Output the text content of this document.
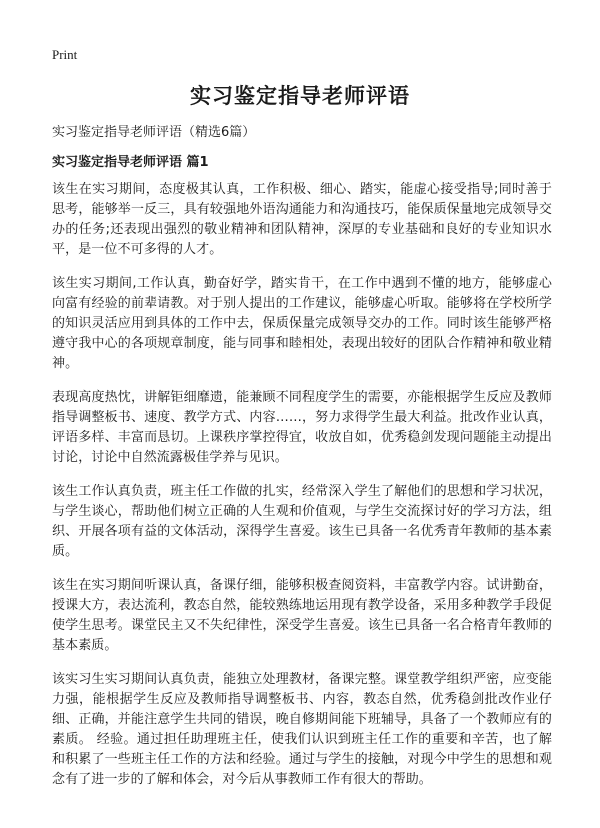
Print
实习鉴定指导老师评语

实习鉴定指导老师评语（精选6篇）

实习鉴定指导老师评语 篇1

该生在实习期间，态度极其认真，工作积极、细心、踏实，能虚心接受指导;同时善于思考，能够举一反三，具有较强地外语沟通能力和沟通技巧，能保质保量地完成领导交办的任务;还表现出强烈的敬业精神和团队精神，深厚的专业基础和良好的专业知识水平，是一位不可多得的人才。

该生实习期间,工作认真，勤奋好学，踏实肯干，在工作中遇到不懂的地方，能够虚心向富有经验的前辈请教。对于别人提出的工作建议，能够虚心听取。能够将在学校所学的知识灵活应用到具体的工作中去，保质保量完成领导交办的工作。同时该生能够严格遵守我中心的各项规章制度，能与同事和睦相处，表现出较好的团队合作精神和敬业精神。

表现高度热忱，讲解钜细靡遗，能兼顾不同程度学生的需要，亦能根据学生反应及教师指导调整板书、速度、教学方式、内容……，努力求得学生最大利益。批改作业认真，评语多样、丰富而恳切。上课秩序掌控得宜，收放自如，优秀稳剑发现问题能主动提出讨论，讨论中自然流露极佳学养与见识。

该生工作认真负责，班主任工作做的扎实，经常深入学生了解他们的思想和学习状况，与学生谈心，帮助他们树立正确的人生观和价值观，与学生交流探讨好的学习方法，组织、开展各项有益的文体活动，深得学生喜爱。该生已具备一名优秀青年教师的基本素质。

该生在实习期间听课认真，备课仔细，能够积极查阅资料，丰富教学内容。试讲勤奋，授课大方，表达流利，教态自然，能较熟练地运用现有教学设备，采用多种教学手段促使学生思考。课堂民主又不失纪律性，深受学生喜爱。该生已具备一名合格青年教师的基本素质。

该实习生实习期间认真负责，能独立处理教材，备课完整。课堂教学组织严密，应变能力强，能根据学生反应及教师指导调整板书、内容，教态自然，优秀稳剑批改作业仔细、正确，并能注意学生共同的错误，晚自修期间能下班辅导，具备了一个教师应有的素质。 经验。通过担任助理班主任，使我们认识到班主任工作的重要和辛苦，也了解和积累了一些班主任工作的方法和经验。通过与学生的接触，对现今中学生的思想和观念有了进一步的了解和体会，对今后从事教师工作有很大的帮助。
